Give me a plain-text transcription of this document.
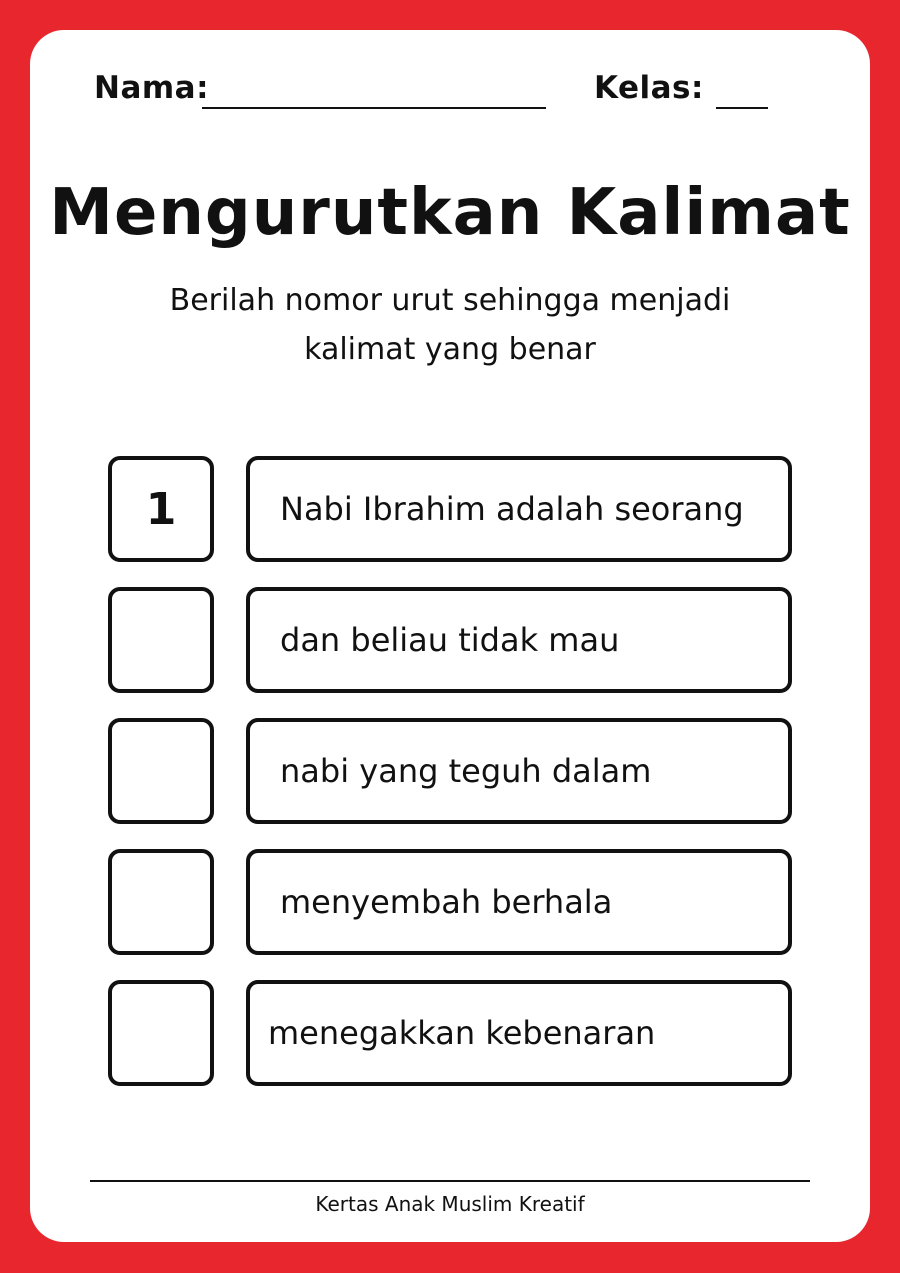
Nama:	Kelas:
Mengurutkan Kalimat
Berilah nomor urut sehingga menjadi
kalimat yang benar
1	Nabi Ibrahim adalah seorang
dan beliau tidak mau
nabi yang teguh dalam
menyembah berhala
menegakkan kebenaran
Kertas Anak Muslim Kreatif
